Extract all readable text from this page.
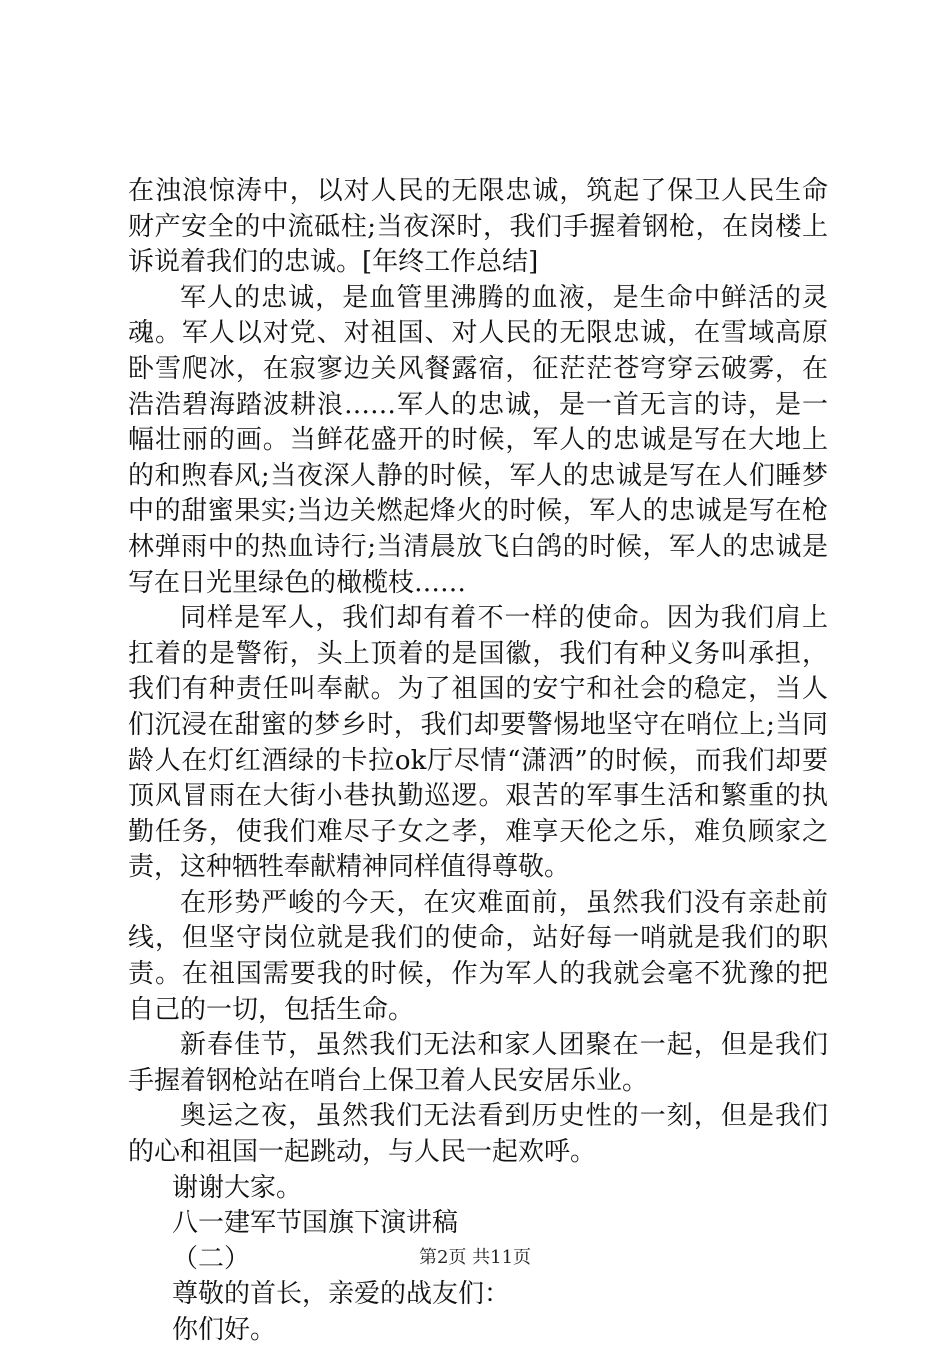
在浊浪惊涛中，以对人民的无限忠诚，筑起了保卫人民生命财产安全的中流砥柱;当夜深时，我们手握着钢枪，在岗楼上诉说着我们的忠诚。[年终工作总结]

军人的忠诚，是血管里沸腾的血液，是生命中鲜活的灵魂。军人以对党、对祖国、对人民的无限忠诚，在雪域高原卧雪爬冰，在寂寥边关风餐露宿，征茫茫苍穹穿云破雾，在浩浩碧海踏波耕浪……军人的忠诚，是一首无言的诗，是一幅壮丽的画。当鲜花盛开的时候，军人的忠诚是写在大地上的和煦春风;当夜深人静的时候，军人的忠诚是写在人们睡梦中的甜蜜果实;当边关燃起烽火的时候，军人的忠诚是写在枪林弹雨中的热血诗行;当清晨放飞白鸽的时候，军人的忠诚是写在日光里绿色的橄榄枝……

同样是军人，我们却有着不一样的使命。因为我们肩上扛着的是警衔，头上顶着的是国徽，我们有种义务叫承担，我们有种责任叫奉献。为了祖国的安宁和社会的稳定，当人们沉浸在甜蜜的梦乡时，我们却要警惕地坚守在哨位上;当同龄人在灯红酒绿的卡拉ok厅尽情“潇洒”的时候，而我们却要顶风冒雨在大街小巷执勤巡逻。艰苦的军事生活和繁重的执勤任务，使我们难尽子女之孝，难享天伦之乐，难负顾家之责，这种牺牲奉献精神同样值得尊敬。

在形势严峻的今天，在灾难面前，虽然我们没有亲赴前线，但坚守岗位就是我们的使命，站好每一哨就是我们的职责。在祖国需要我的时候，作为军人的我就会毫不犹豫的把自己的一切，包括生命。

新春佳节，虽然我们无法和家人团聚在一起，但是我们手握着钢枪站在哨台上保卫着人民安居乐业。

奥运之夜，虽然我们无法看到历史性的一刻，但是我们的心和祖国一起跳动，与人民一起欢呼。

谢谢大家。

八一建军节国旗下演讲稿

（二）

尊敬的首长，亲爱的战友们：

你们好。

第2页 共11页
